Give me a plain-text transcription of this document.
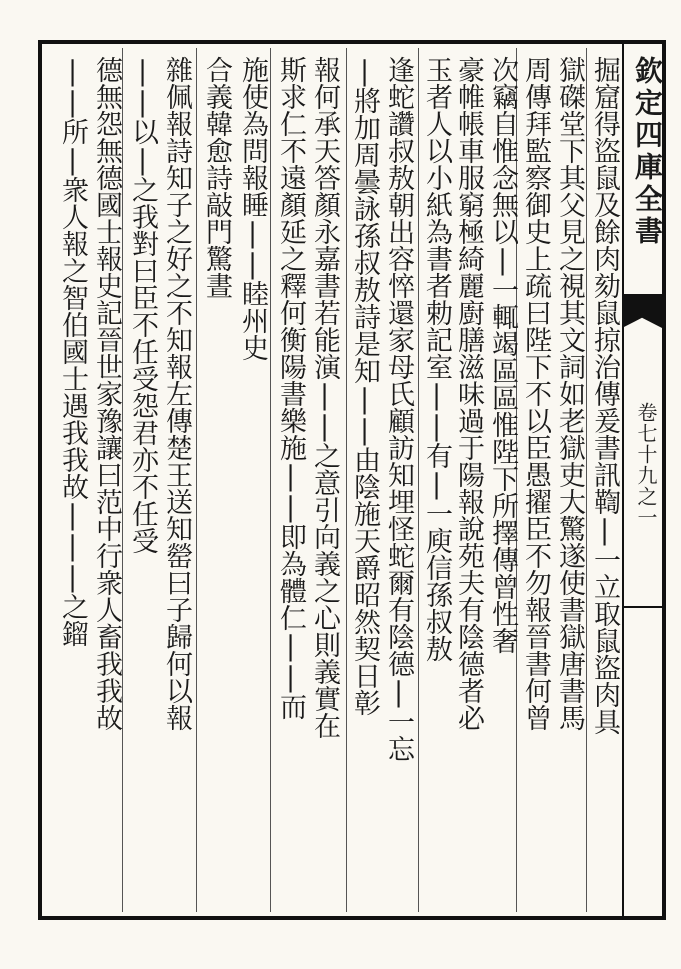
欽定四庫全書
卷七十九之一
掘窟得盜鼠及餘肉劾鼠掠治傳爰書訊鞫|一立取鼠盜肉具
獄磔堂下其父見之視其文詞如老獄吏大驚遂使書獄唐書馬
周傳拜監察御史上疏曰陛下不以臣愚擢臣不勿報晉書何曾
次竊自惟念無以|一輒竭區區惟陛下所擇傳曾性奢
豪帷帳車服窮極綺麗廚膳滋味過于陽報說苑夫有陰德者必
玉者人以小紙為書者勅記室||有|一庾信孫叔敖
逢蛇讚叔敖朝出容悴還家母氏顧訪知埋怪蛇爾有陰德|一忘
|將加周曇詠孫叔敖詩是知||由陰施天爵昭然契日彰
報何承天答顏永嘉書若能演||之意引向義之心則義實在
斯求仁不遠顏延之釋何衡陽書樂施||即為體仁||而
施使為問報睡||睦州史
合義韓愈詩敲門驚晝
雜佩報詩知子之好之不知報左傳楚王送知罃曰子歸何以報
||以|之我對曰臣不任受怨君亦不任受
德無怨無德國士報史記晉世家豫讓曰范中行衆人畜我我故
||所|衆人報之智伯國士遇我我故|||之鎦
